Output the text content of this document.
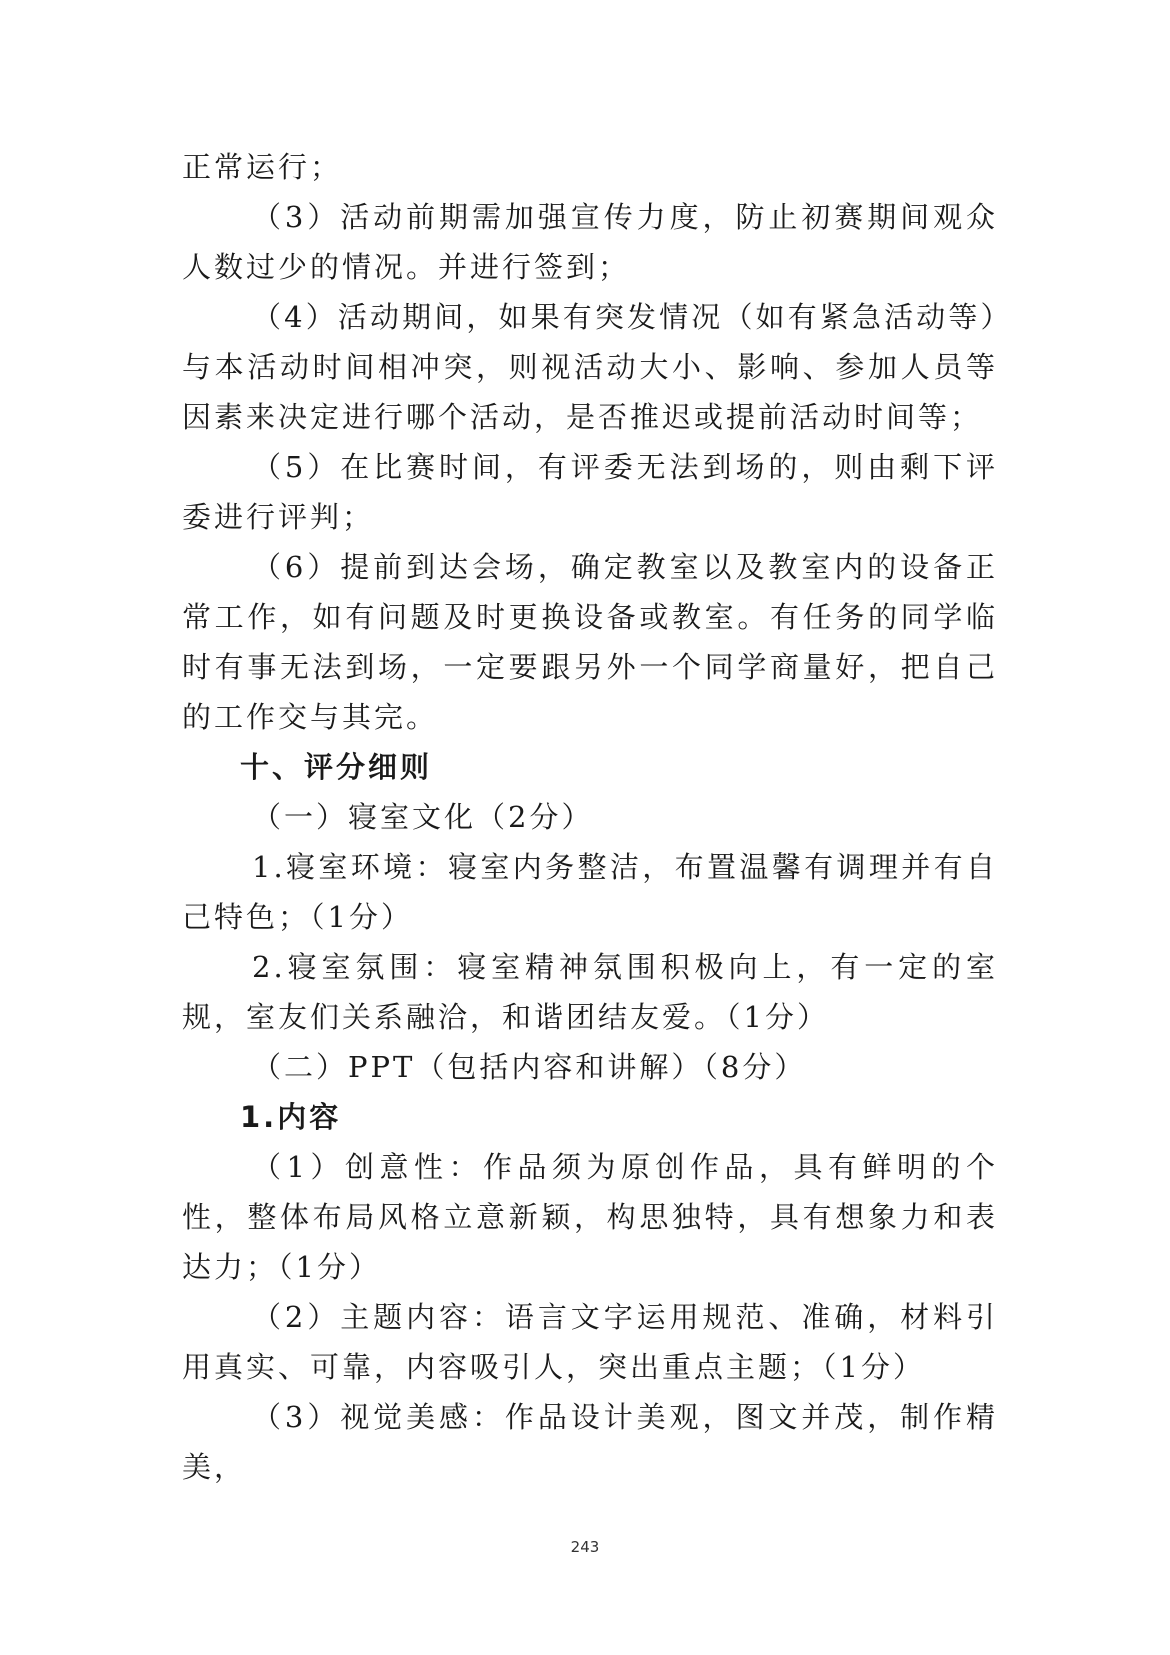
正常运行；

（3）活动前期需加强宣传力度，防止初赛期间观众人数过少的情况。并进行签到；

（4）活动期间，如果有突发情况（如有紧急活动等）与本活动时间相冲突，则视活动大小、影响、参加人员等因素来决定进行哪个活动，是否推迟或提前活动时间等；

（5）在比赛时间，有评委无法到场的，则由剩下评委进行评判；

（6）提前到达会场，确定教室以及教室内的设备正常工作，如有问题及时更换设备或教室。有任务的同学临时有事无法到场，一定要跟另外一个同学商量好，把自己的工作交与其完。

十、评分细则

（一）寝室文化（2分）

1.寝室环境：寝室内务整洁，布置温馨有调理并有自己特色；（1分）

2.寝室氛围：寝室精神氛围积极向上，有一定的室规，室友们关系融洽，和谐团结友爱。（1分）

（二）PPT（包括内容和讲解）（8分）

1.内容

（1）创意性：作品须为原创作品，具有鲜明的个性，整体布局风格立意新颖，构思独特，具有想象力和表达力；（1分）

（2）主题内容：语言文字运用规范、准确，材料引用真实、可靠，内容吸引人，突出重点主题；（1分）

（3）视觉美感：作品设计美观，图文并茂，制作精美，

243
